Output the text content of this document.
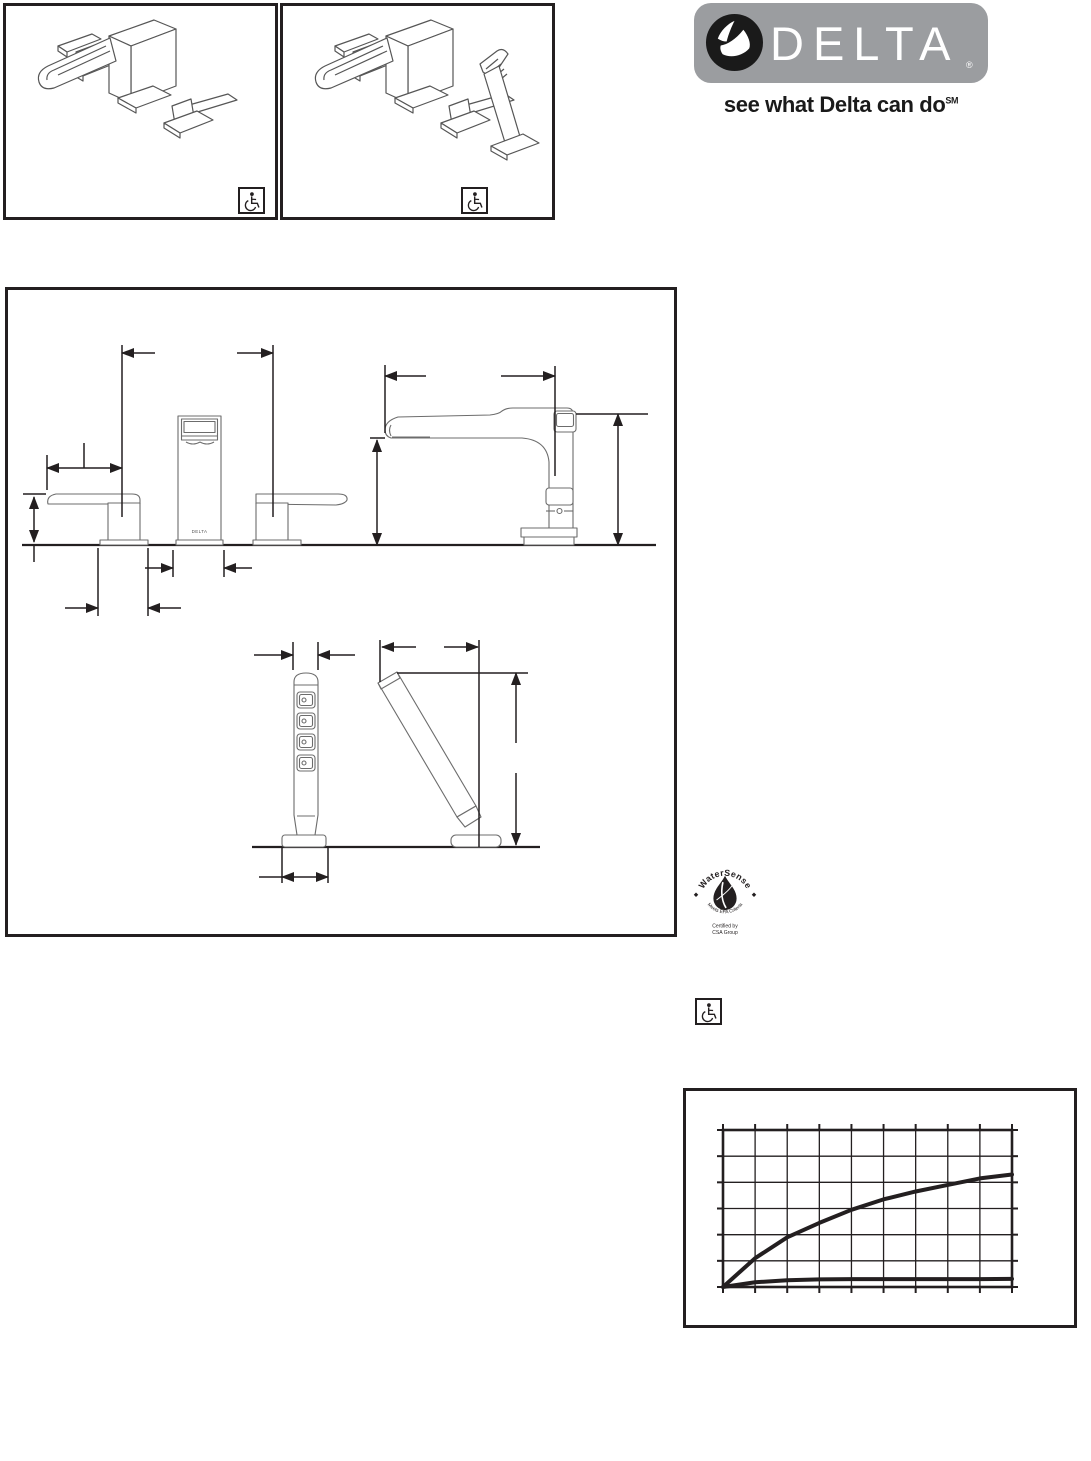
DELTA ®
see what Delta can do℠
DELTA
WaterSense
Meets EPA Criteria
Certified by
CSA Group
